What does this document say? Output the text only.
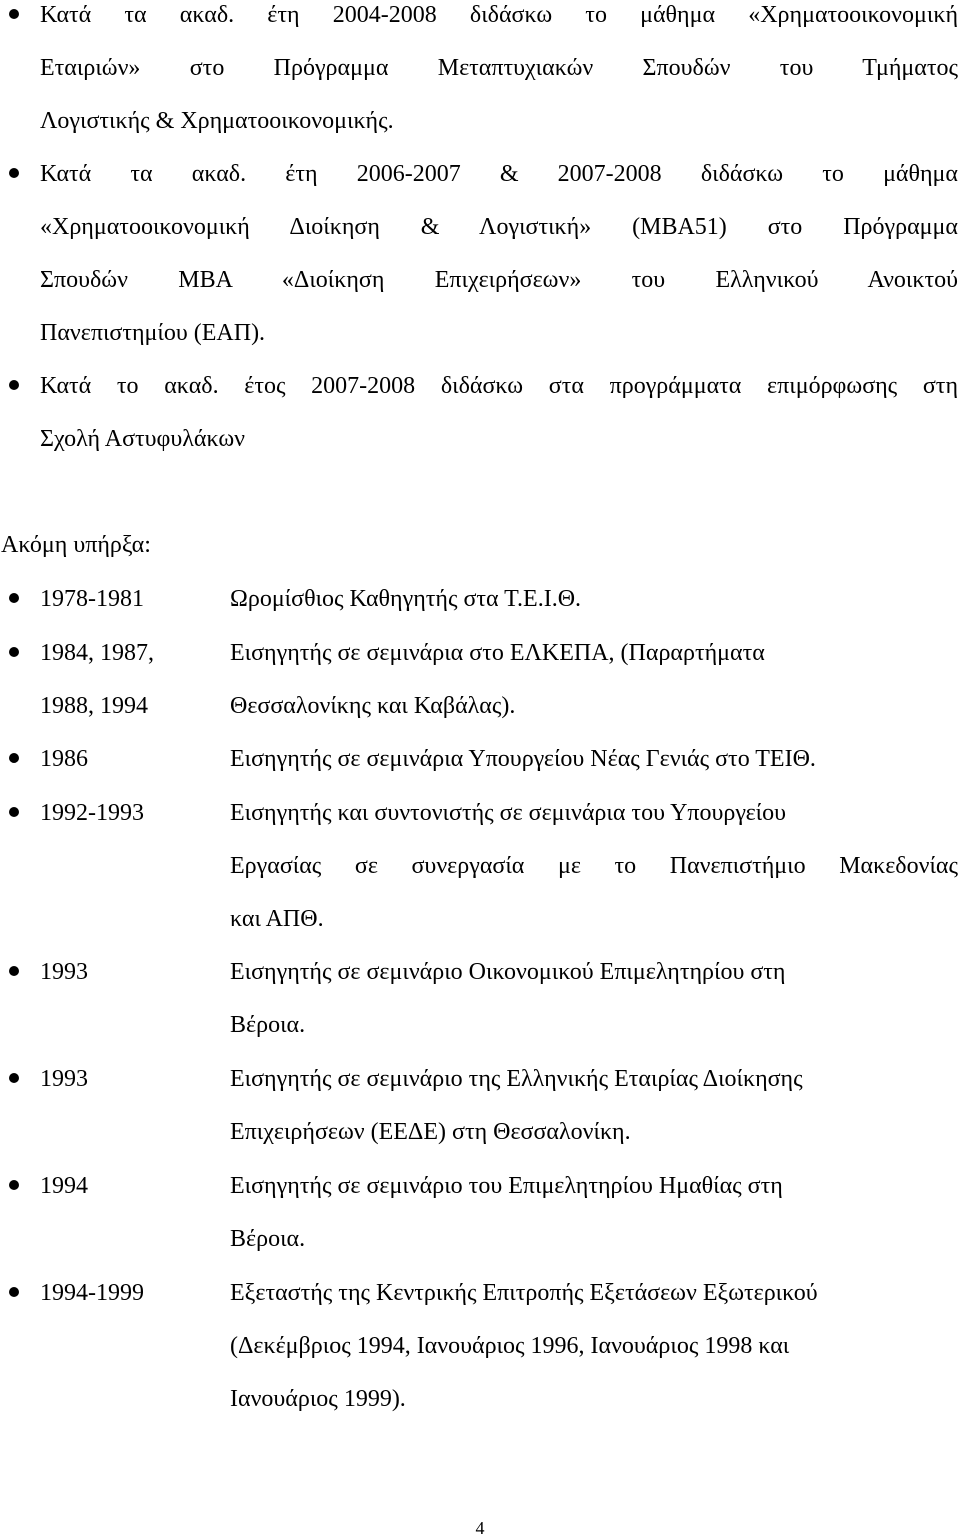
Κατά τα ακαδ. έτη 2004-2008 διδάσκω το μάθημα «Χρηματοοικονομική
Εταιριών» στο Πρόγραμμα Μεταπτυχιακών Σπουδών του Τμήματος
Λογιστικής & Χρηματοοικονομικής.
Κατά τα ακαδ. έτη 2006-2007 & 2007-2008 διδάσκω το μάθημα
«Χρηματοοικονομική Διοίκηση & Λογιστική» (ΜΒΑ51) στο Πρόγραμμα
Σπουδών ΜΒΑ «Διοίκηση Επιχειρήσεων» του Ελληνικού Ανοικτού
Πανεπιστημίου (ΕΑΠ).
Κατά το ακαδ. έτος 2007-2008 διδάσκω στα προγράμματα επιμόρφωσης στη
Σχολή Αστυφυλάκων
Ακόμη υπήρξα:
1978-1981	Ωρομίσθιος Καθηγητής στα Τ.Ε.Ι.Θ.
1984, 1987,	Εισηγητής σε σεμινάρια στο ΕΛΚΕΠΑ, (Παραρτήματα
1988, 1994	Θεσσαλονίκης και Καβάλας).
1986	Εισηγητής σε σεμινάρια Υπουργείου Νέας Γενιάς στο ΤΕΙΘ.
1992-1993	Εισηγητής και συντονιστής σε σεμινάρια του Υπουργείου
Εργασίας σε συνεργασία με το Πανεπιστήμιο Μακεδονίας
και ΑΠΘ.
1993	Εισηγητής σε σεμινάριο Οικονομικού Επιμελητηρίου στη
Βέροια.
1993	Εισηγητής σε σεμινάριο της Ελληνικής Εταιρίας Διοίκησης
Επιχειρήσεων (ΕΕΔΕ) στη Θεσσαλονίκη.
1994	Εισηγητής σε σεμινάριο του Επιμελητηρίου Ημαθίας στη
Βέροια.
1994-1999	Εξεταστής της Κεντρικής Επιτροπής Εξετάσεων Εξωτερικού
(Δεκέμβριος 1994, Ιανουάριος 1996, Ιανουάριος 1998 και
Ιανουάριος 1999).
4
